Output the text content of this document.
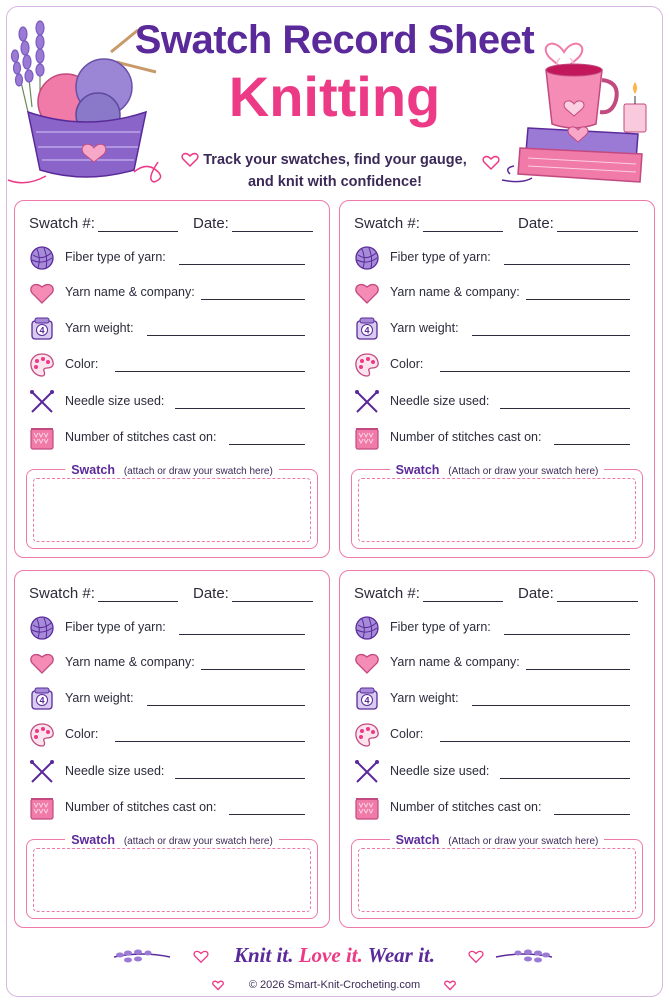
Swatch Record Sheet
Knitting
Track your swatches, find your gauge,
and knit with confidence!
Swatch #:	Date:
Fiber type of yarn:
Yarn name & company:
4 Yarn weight:
Color:
Needle size used:
Number of stitches cast on:
Swatch (attach or draw your swatch here)
Swatch #:	Date:
Fiber type of yarn:
Yarn name & company:
4 Yarn weight:
Color:
Needle size used:
Number of stitches cast on:
Swatch (Attach or draw your swatch here)
Swatch #:	Date:
Fiber type of yarn:
Yarn name & company:
4 Yarn weight:
Color:
Needle size used:
Number of stitches cast on:
Swatch (attach or draw your swatch here)
Swatch #:	Date:
Fiber type of yarn:
Yarn name & company:
4 Yarn weight:
Color:
Needle size used:
Number of stitches cast on:
Swatch (Attach or draw your swatch here)
Knit it. Love it. Wear it.
© 2026 Smart-Knit-Crocheting.com
